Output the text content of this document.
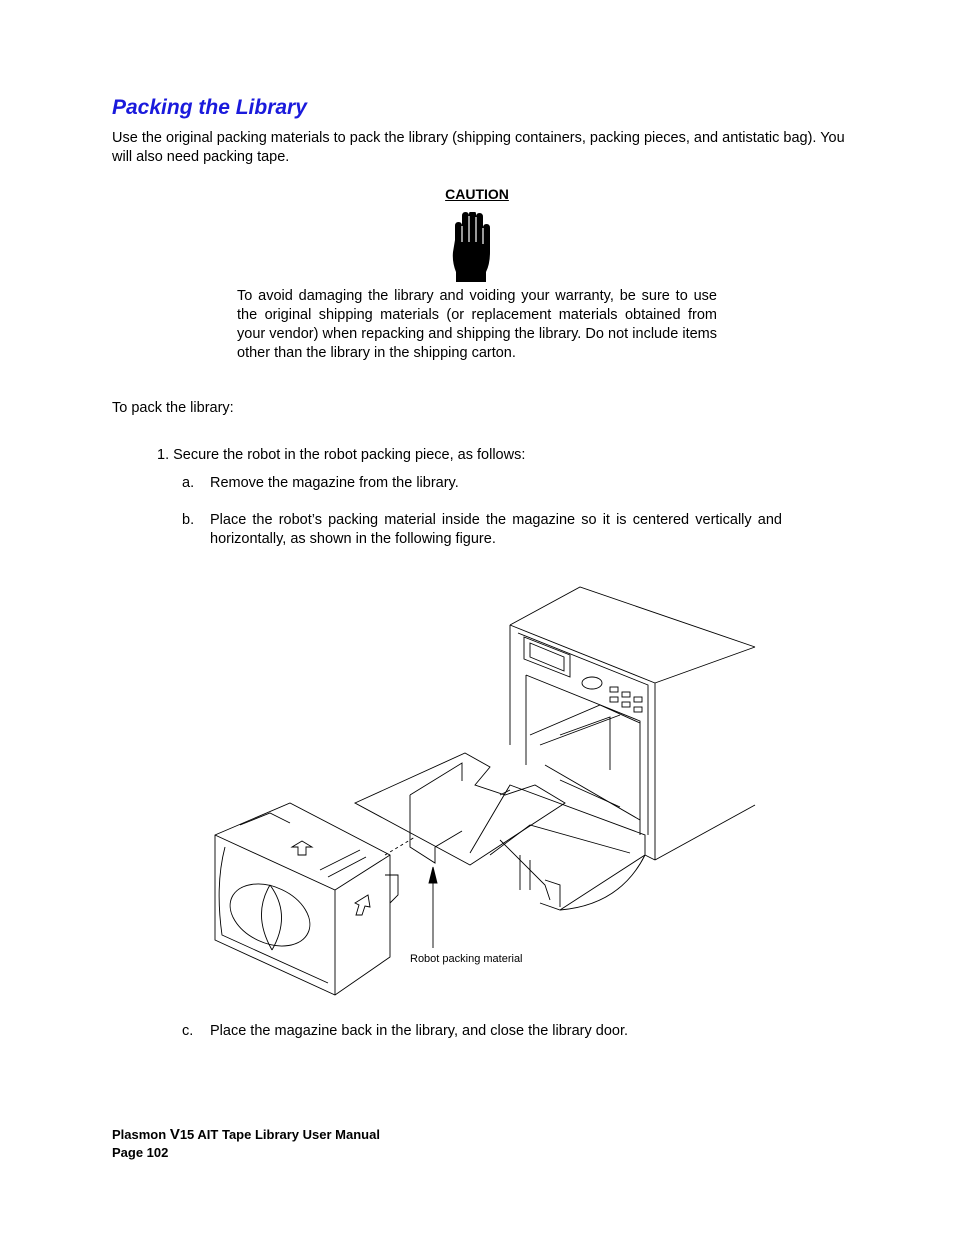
Packing the Library
Use the original packing materials to pack the library (shipping containers, packing pieces, and antistatic bag). You will also need packing tape.
CAUTION
To avoid damaging the library and voiding your warranty, be sure to use the original shipping materials (or replacement materials obtained from your vendor) when repacking and shipping the library. Do not include items other than the library in the shipping carton.
To pack the library:
1. Secure the robot in the robot packing piece, as follows:
a.	Remove the magazine from the library.
b.	Place the robot’s packing material inside the magazine so it is centered vertically and horizontally, as shown in the following figure.
Robot packing material
c.	Place the magazine back in the library, and close the library door.
Plasmon V15 AIT Tape Library User Manual
Page 102
